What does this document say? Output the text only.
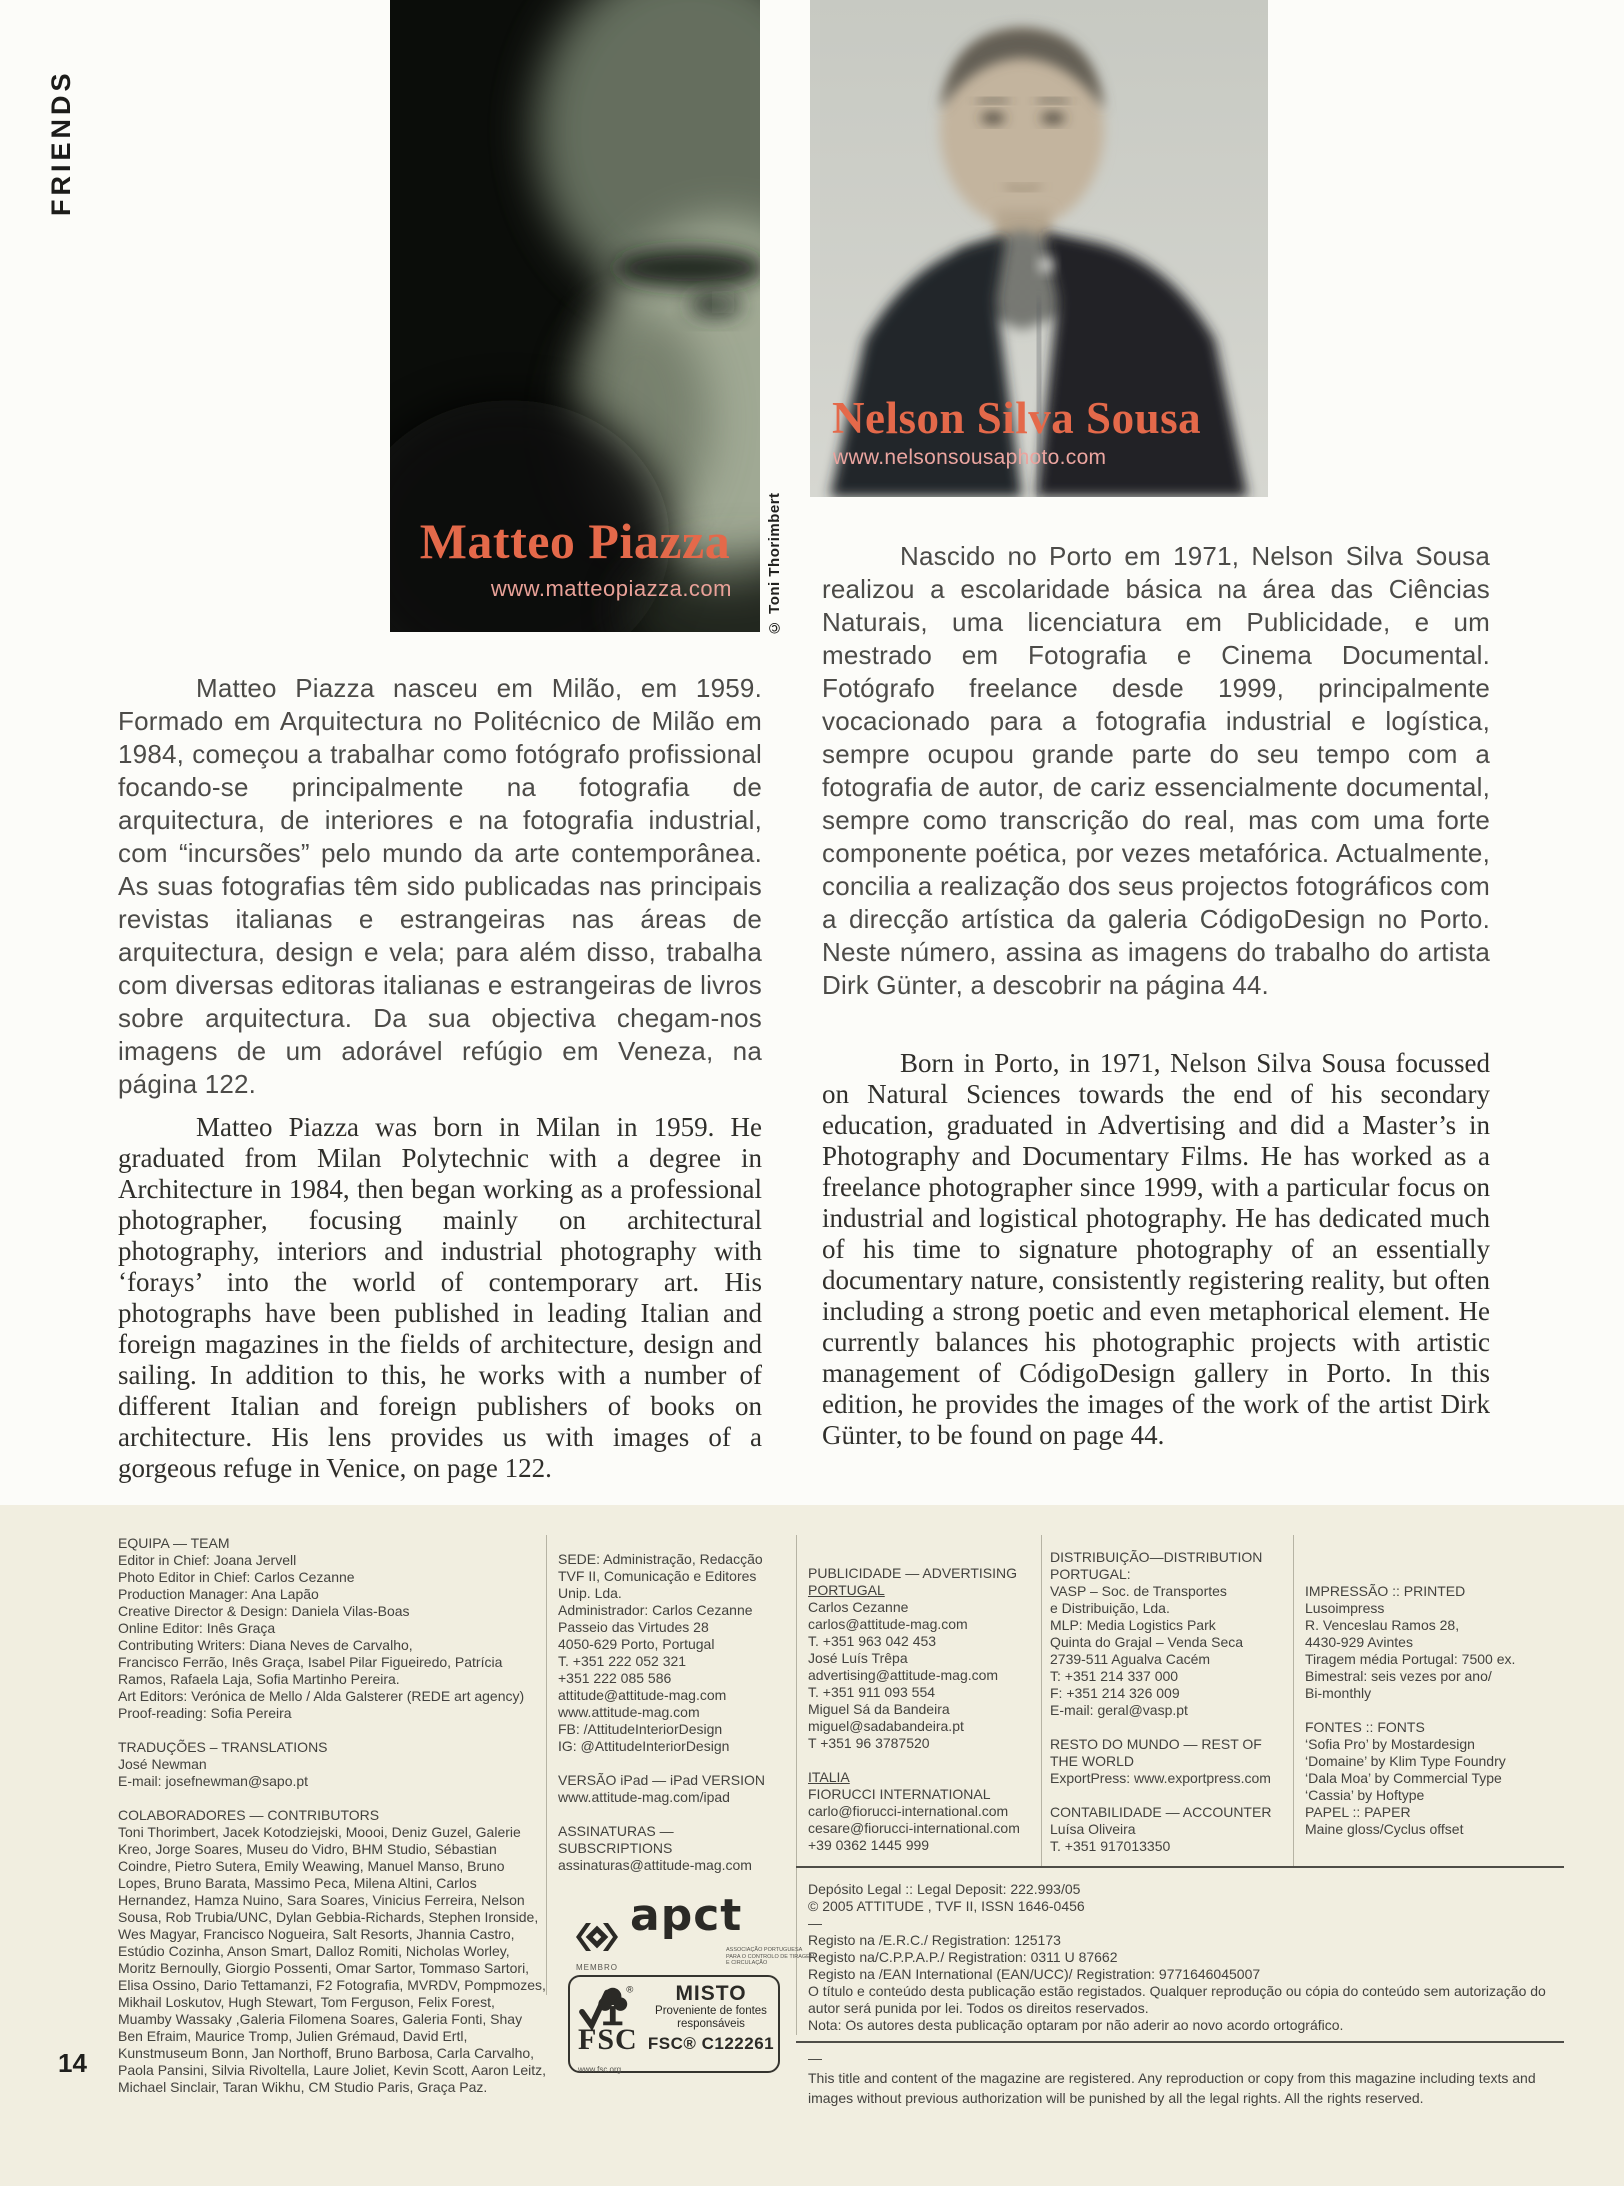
FRIENDS
Matteo Piazza
www.matteopiazza.com © Toni Thorimbert
Nelson Silva Sousa
www.nelsonsousaphoto.com

Matteo Piazza nasceu em Milão, em 1959. Formado em Arquitectura no Politécnico de Milão em 1984, começou a trabalhar como fotógrafo profissional focando-se principalmente na fotografia de arquitectura, de interiores e na fotografia industrial, com “incursões” pelo mundo da arte contemporânea. As suas fotografias têm sido publicadas nas principais revistas italianas e estrangeiras nas áreas de arquitectura, design e vela; para além disso, trabalha com diversas editoras italianas e estrangeiras de livros sobre arquitectura. Da sua objectiva chegam-nos imagens de um adorável refúgio em Veneza, na página 122.

Matteo Piazza was born in Milan in 1959. He graduated from Milan Polytechnic with a degree in Architecture in 1984, then began working as a professional photographer, focusing mainly on architectural photography, interiors and industrial photography with ‘forays’ into the world of contemporary art. His photographs have been published in leading Italian and foreign magazines in the fields of architecture, design and sailing. In addition to this, he works with a number of different Italian and foreign publishers of books on architecture. His lens provides us with images of a gorgeous refuge in Venice, on page 122.

Nascido no Porto em 1971, Nelson Silva Sousa realizou a escolaridade básica na área das Ciências Naturais, uma licenciatura em Publicidade, e um mestrado em Fotografia e Cinema Documental. Fotógrafo freelance desde 1999, principalmente vocacionado para a fotografia industrial e logística, sempre ocupou grande parte do seu tempo com a fotografia de autor, de cariz essencialmente documental, sempre como transcrição do real, mas com uma forte componente poética, por vezes metafórica. Actualmente, concilia a realização dos seus projectos fotográficos com a direcção artística da galeria CódigoDesign no Porto. Neste número, assina as imagens do trabalho do artista Dirk Günter, a descobrir na página 44.

Born in Porto, in 1971, Nelson Silva Sousa focussed on Natural Sciences towards the end of his secondary education, graduated in Advertising and did a Master’s in Photography and Documentary Films. He has worked as a freelance photographer since 1999, with a particular focus on industrial and logistical photography. He has dedicated much of his time to signature photography of an essentially documentary nature, consistently registering reality, but often including a strong poetic and even metaphorical element. He currently balances his photographic projects with artistic management of CódigoDesign gallery in Porto. In this edition, he provides the images of the work of the artist Dirk Günter, to be found on page 44.

EQUIPA — TEAM
Editor in Chief: Joana Jervell
Photo Editor in Chief: Carlos Cezanne
Production Manager: Ana Lapão
Creative Director & Design: Daniela Vilas-Boas
Online Editor: Inês Graça
Contributing Writers: Diana Neves de Carvalho,
Francisco Ferrão, Inês Graça, Isabel Pilar Figueiredo, Patrícia
Ramos, Rafaela Laja, Sofia Martinho Pereira.
Art Editors: Verónica de Mello / Alda Galsterer (REDE art agency)
Proof-reading: Sofia Pereira
TRADUÇÕES – TRANSLATIONS
José Newman
E-mail: josefnewman@sapo.pt
COLABORADORES — CONTRIBUTORS
Toni Thorimbert, Jacek Kotodziejski, Moooi, Deniz Guzel, Galerie Kreo, Jorge Soares, Museu do Vidro, BHM Studio, Sébastian Coindre, Pietro Sutera, Emily Weawing, Manuel Manso, Bruno Lopes, Bruno Barata, Massimo Peca, Milena Altini, Carlos Hernandez, Hamza Nuino, Sara Soares, Vinicius Ferreira, Nelson Sousa, Rob Trubia/UNC, Dylan Gebbia-Richards, Stephen Ironside, Wes Magyar, Francisco Nogueira, Salt Resorts, Jhannia Castro, Estúdio Cozinha, Anson Smart, Dalloz Romiti, Nicholas Worley, Moritz Bernoully, Giorgio Possenti, Omar Sartor, Tommaso Sartori, Elisa Ossino, Dario Tettamanzi, F2 Fotografia, MVRDV, Pompmozes, Mikhail Loskutov, Hugh Stewart, Tom Ferguson, Felix Forest, Muamby Wassaky ,Galeria Filomena Soares, Galeria Fonti, Shay Ben Efraim, Maurice Tromp, Julien Grémaud, David Ertl, Kunstmuseum Bonn, Jan Northoff, Bruno Barbosa, Carla Carvalho, Paola Pansini, Silvia Rivoltella, Laure Joliet, Kevin Scott, Aaron Leitz, Michael Sinclair, Taran Wikhu, CM Studio Paris, Graça Paz.
SEDE: Administração, Redacção
TVF II, Comunicação e Editores
Unip. Lda.
Administrador: Carlos Cezanne
Passeio das Virtudes 28
4050-629 Porto, Portugal
T. +351 222 052 321
+351 222 085 586
attitude@attitude-mag.com
www.attitude-mag.com
FB: /AttitudeInteriorDesign
IG: @AttitudeInteriorDesign
VERSÃO iPad — iPad VERSION
www.attitude-mag.com/ipad
ASSINATURAS — SUBSCRIPTIONS
assinaturas@attitude-mag.com
PUBLICIDADE — ADVERTISING
PORTUGAL
Carlos Cezanne
carlos@attitude-mag.com
T. +351 963 042 453
José Luís Trêpa
advertising@attitude-mag.com
T. +351 911 093 554
Miguel Sá da Bandeira
miguel@sadabandeira.pt
T +351 96 3787520
ITALIA
FIORUCCI INTERNATIONAL
carlo@fiorucci-international.com
cesare@fiorucci-international.com
+39 0362 1445 999
DISTRIBUIÇÃO—DISTRIBUTION
PORTUGAL:
VASP – Soc. de Transportes
e Distribuição, Lda.
MLP: Media Logistics Park
Quinta do Grajal – Venda Seca
2739-511 Agualva Cacém
T: +351 214 337 000
F: +351 214 326 009
E-mail: geral@vasp.pt
RESTO DO MUNDO — REST OF THE WORLD
ExportPress: www.exportpress.com
CONTABILIDADE — ACCOUNTER
Luísa Oliveira
T. +351 917013350
IMPRESSÃO :: PRINTED
Lusoimpress
R. Venceslau Ramos 28,
4430-929 Avintes
Tiragem média Portugal: 7500 ex.
Bimestral: seis vezes por ano/
Bi-monthly
FONTES :: FONTS
‘Sofia Pro’ by Mostardesign
‘Domaine’ by Klim Type Foundry
‘Dala Moa’ by Commercial Type
‘Cassia’ by Hoftype
PAPEL :: PAPER
Maine gloss/Cyclus offset
Depósito Legal :: Legal Deposit: 222.993/05
© 2005 ATTITUDE , TVF II, ISSN 1646-0456
—
Registo na /E.R.C./ Registration: 125173
Registo na/C.P.P.A.P./ Registration: 0311 U 87662
Registo na /EAN International (EAN/UCC)/ Registration: 9771646045007
O título e conteúdo desta publicação estão registados. Qualquer reprodução ou cópia do conteúdo sem autorização do autor será punida por lei. Todos os direitos reservados.
Nota: Os autores desta publicação optaram por não aderir ao novo acordo ortográfico.
—
This title and content of the magazine are registered. Any reproduction or copy from this magazine including texts and images without previous authorization will be punished by all the legal rights. All the rights reserved.
apct
ASSOCIAÇÃO PORTUGUESA PARA O CONTROLO DE TIRAGEM E CIRCULAÇÃO
MEMBRO
®
FSC
www.fsc.org
MISTO
Proveniente de fontes responsáveis
FSC® C122261
14
